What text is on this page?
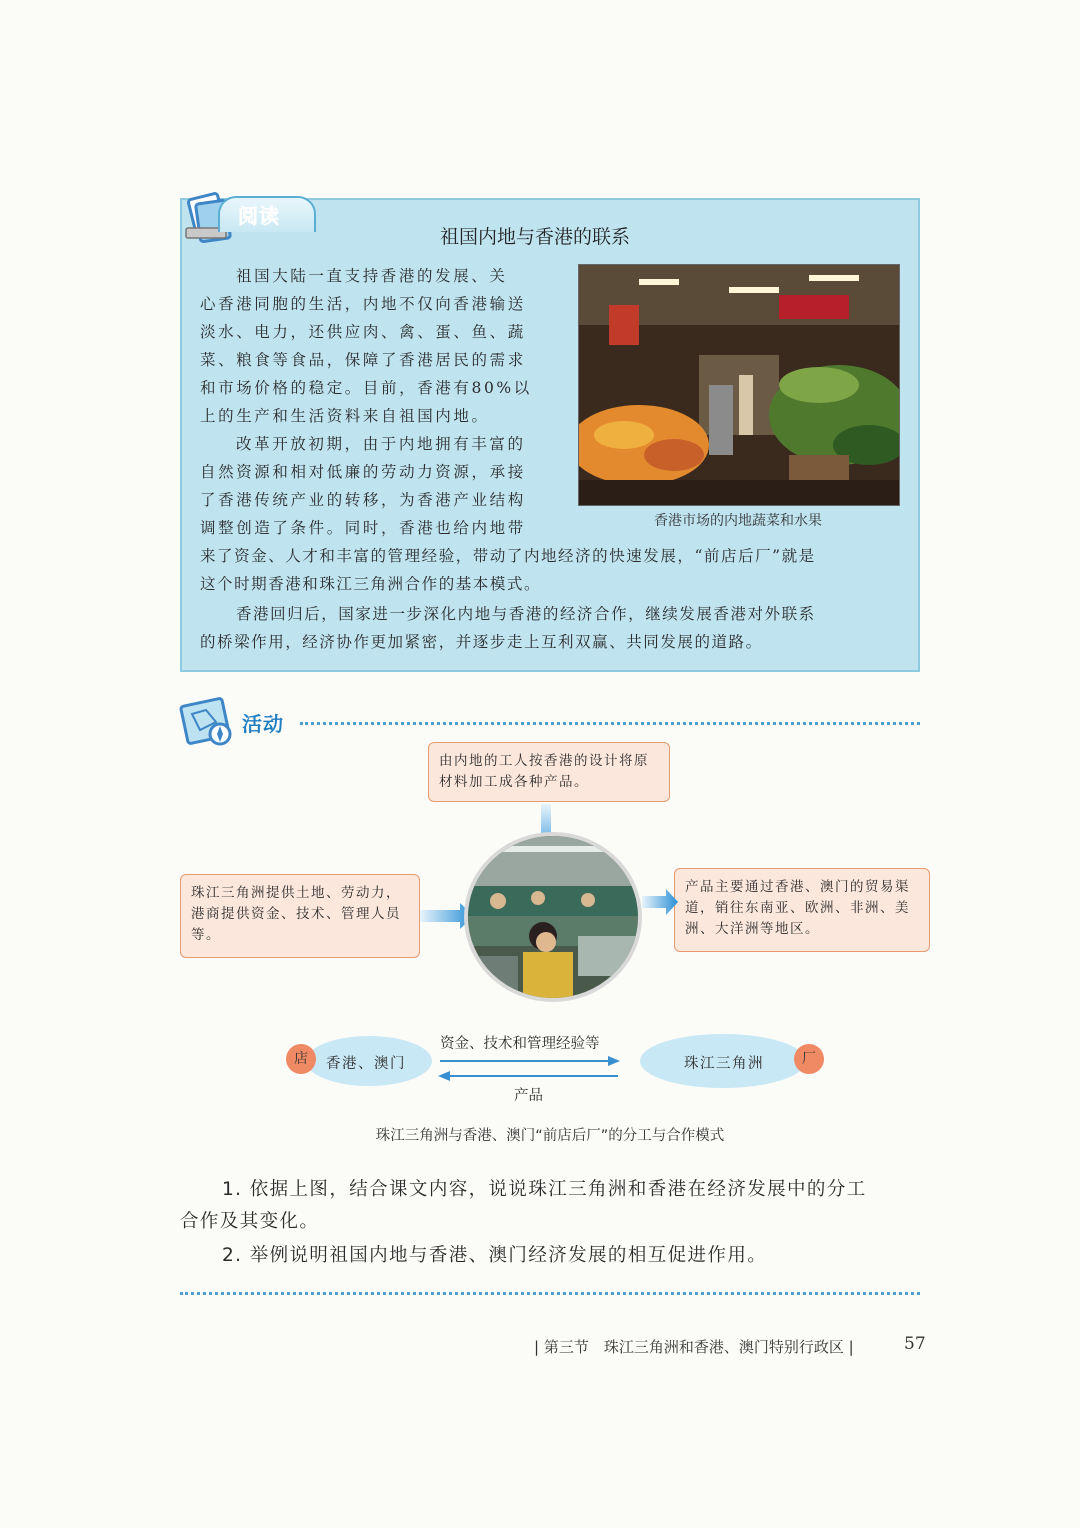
阅读
祖国内地与香港的联系
祖国大陆一直支持香港的发展、关
心香港同胞的生活，内地不仅向香港输送
淡水、电力，还供应肉、禽、蛋、鱼、蔬
菜、粮食等食品，保障了香港居民的需求
和市场价格的稳定。目前，香港有80%以
上的生产和生活资料来自祖国内地。
改革开放初期，由于内地拥有丰富的
自然资源和相对低廉的劳动力资源，承接
了香港传统产业的转移，为香港产业结构
调整创造了条件。同时，香港也给内地带
来了资金、人才和丰富的管理经验，带动了内地经济的快速发展，“前店后厂”就是
这个时期香港和珠江三角洲合作的基本模式。
香港回归后，国家进一步深化内地与香港的经济合作，继续发展香港对外联系
的桥梁作用，经济协作更加紧密，并逐步走上互利双赢、共同发展的道路。
香港市场的内地蔬菜和水果
活动
由内地的工人按香港的设计将原材料加工成各种产品。
珠江三角洲提供土地、劳动力，港商提供资金、技术、管理人员等。
产品主要通过香港、澳门的贸易渠道，销往东南亚、欧洲、非洲、美洲、大洋洲等地区。
店	香港、澳门	珠江三角洲	厂
资金、技术和管理经验等
产品
珠江三角洲与香港、澳门“前店后厂”的分工与合作模式
1. 依据上图，结合课文内容，说说珠江三角洲和香港在经济发展中的分工
合作及其变化。
2. 举例说明祖国内地与香港、澳门经济发展的相互促进作用。
| 第三节　珠江三角洲和香港、澳门特别行政区 |	57
